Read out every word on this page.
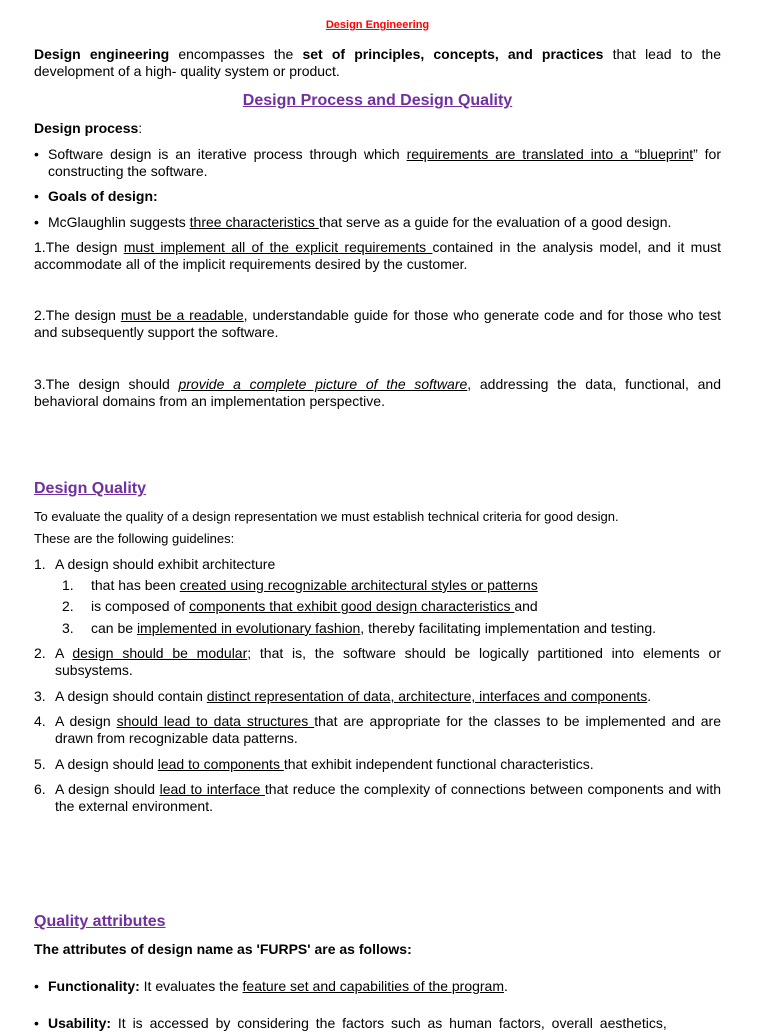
Design Engineering

Design engineering encompasses the set of principles, concepts, and practices that lead to the development of a high- quality system or product.

Design Process and Design Quality

Design process:

• Software design is an iterative process through which requirements are translated into a “blueprint” for constructing the software.

• Goals of design:

• McGlaughlin suggests three characteristics that serve as a guide for the evaluation of a good design.

1.The design must implement all of the explicit requirements contained in the analysis model, and it must accommodate all of the implicit requirements desired by the customer.

2.The design must be a readable, understandable guide for those who generate code and for those who test and subsequently support the software.

3.The design should provide a complete picture of the software, addressing the data, functional, and behavioral domains from an implementation perspective.

Design Quality

To evaluate the quality of a design representation we must establish technical criteria for good design.

These are the following guidelines:

1. A design should exhibit architecture

1. that has been created using recognizable architectural styles or patterns

2. is composed of components that exhibit good design characteristics and

3. can be implemented in evolutionary fashion, thereby facilitating implementation and testing.

2. A design should be modular; that is, the software should be logically partitioned into elements or subsystems.

3. A design should contain distinct representation of data, architecture, interfaces and components.

4. A design should lead to data structures that are appropriate for the classes to be implemented and are drawn from recognizable data patterns.

5. A design should lead to components that exhibit independent functional characteristics.

6. A design should lead to interface that reduce the complexity of connections between components and with the external environment.

Quality attributes

The attributes of design name as 'FURPS' are as follows:

• Functionality: It evaluates the feature set and capabilities of the program.

• Usability: It is accessed by considering the factors such as human factors, overall aesthetics,
